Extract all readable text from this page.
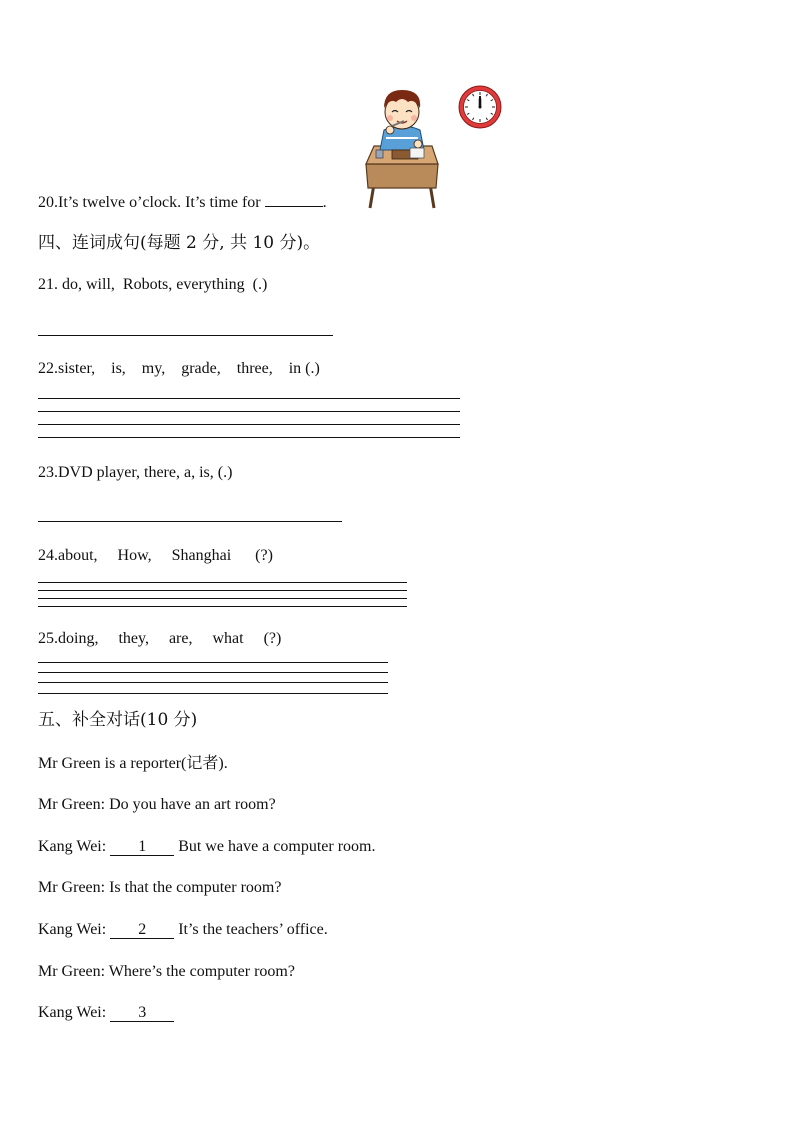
20.It’s twelve o’clock. It’s time for	.
四、连词成句(每题 2 分, 共 10 分)。
21. do, will,  Robots, everything  (.)
22.sister,    is,    my,    grade,    three,    in (.)
23.DVD player, there, a, is, (.)
24.about,     How,     Shanghai      (?)
25.doing,     they,     are,     what     (?)
五、补全对话(10 分)
Mr Green is a reporter(记者).
Mr Green: Do you have an art room?
Kang Wei: 1 But we have a computer room.
Mr Green: Is that the computer room?
Kang Wei: 2 It’s the teachers’ office.
Mr Green: Where’s the computer room?
Kang Wei: 3
